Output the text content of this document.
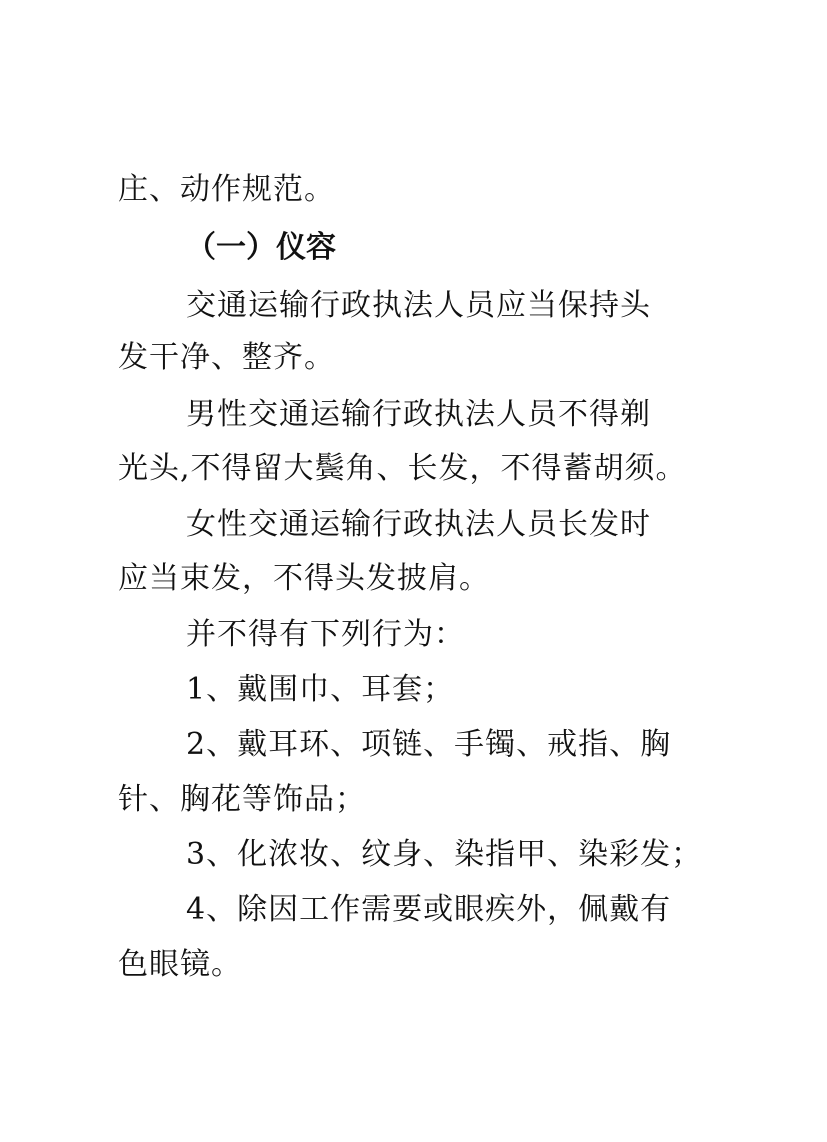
庄、动作规范。
（一）仪容
交通运输行政执法人员应当保持头
发干净、整齐。
男性交通运输行政执法人员不得剃
光头,不得留大鬓角、长发，不得蓄胡须。
女性交通运输行政执法人员长发时
应当束发，不得头发披肩。
并不得有下列行为：
1、戴围巾、耳套；
2、戴耳环、项链、手镯、戒指、胸
针、胸花等饰品；
3、化浓妆、纹身、染指甲、染彩发；
4、除因工作需要或眼疾外，佩戴有
色眼镜。
